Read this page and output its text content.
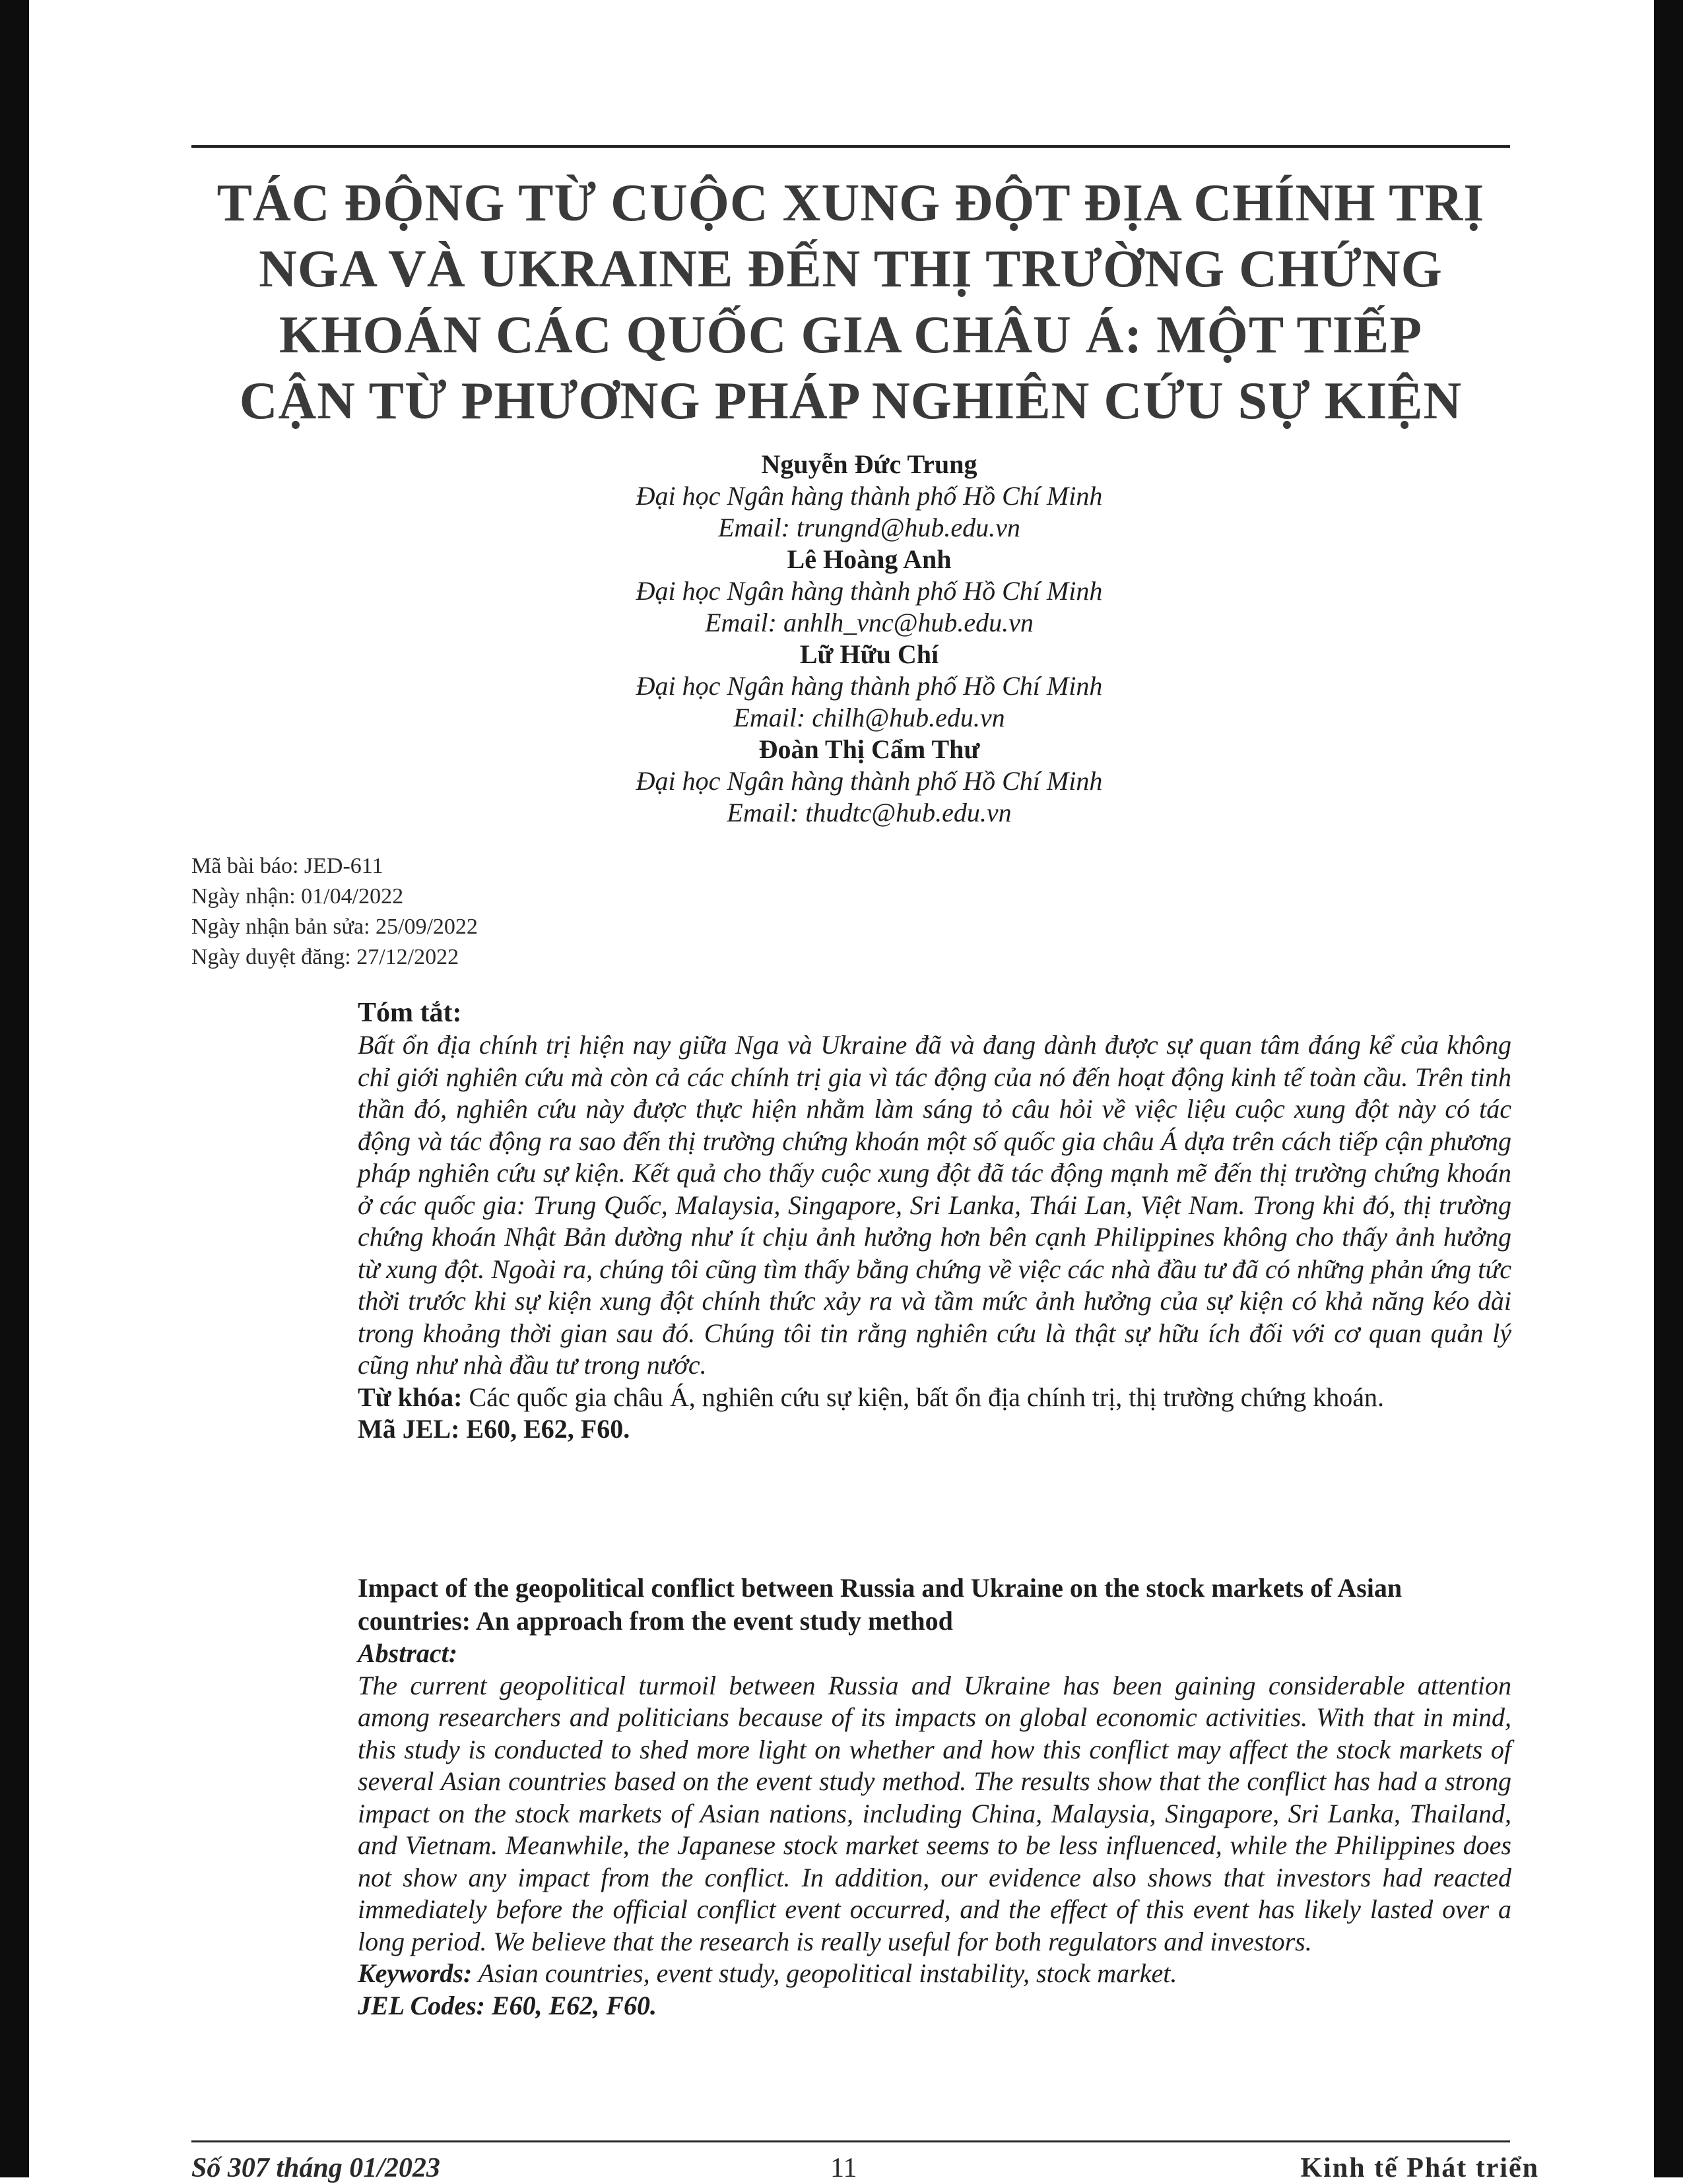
TÁC ĐỘNG TỪ CUỘC XUNG ĐỘT ĐỊA CHÍNH TRỊ
NGA VÀ UKRAINE ĐẾN THỊ TRƯỜNG CHỨNG
KHOÁN CÁC QUỐC GIA CHÂU Á: MỘT TIẾP
CẬN TỪ PHƯƠNG PHÁP NGHIÊN CỨU SỰ KIỆN
Nguyễn Đức Trung
Đại học Ngân hàng thành phố Hồ Chí Minh
Email: trungnd@hub.edu.vn
Lê Hoàng Anh
Đại học Ngân hàng thành phố Hồ Chí Minh
Email: anhlh_vnc@hub.edu.vn
Lữ Hữu Chí
Đại học Ngân hàng thành phố Hồ Chí Minh
Email: chilh@hub.edu.vn
Đoàn Thị Cẩm Thư
Đại học Ngân hàng thành phố Hồ Chí Minh
Email: thudtc@hub.edu.vn
Mã bài báo: JED-611
Ngày nhận: 01/04/2022
Ngày nhận bản sửa: 25/09/2022
Ngày duyệt đăng: 27/12/2022
Tóm tắt:
Bất ổn địa chính trị hiện nay giữa Nga và Ukraine đã và đang dành được sự quan tâm đáng kể của không chỉ giới nghiên cứu mà còn cả các chính trị gia vì tác động của nó đến hoạt động kinh tế toàn cầu. Trên tinh thần đó, nghiên cứu này được thực hiện nhằm làm sáng tỏ câu hỏi về việc liệu cuộc xung đột này có tác động và tác động ra sao đến thị trường chứng khoán một số quốc gia châu Á dựa trên cách tiếp cận phương pháp nghiên cứu sự kiện. Kết quả cho thấy cuộc xung đột đã tác động mạnh mẽ đến thị trường chứng khoán ở các quốc gia: Trung Quốc, Malaysia, Singapore, Sri Lanka, Thái Lan, Việt Nam. Trong khi đó, thị trường chứng khoán Nhật Bản dường như ít chịu ảnh hưởng hơn bên cạnh Philippines không cho thấy ảnh hưởng từ xung đột. Ngoài ra, chúng tôi cũng tìm thấy bằng chứng về việc các nhà đầu tư đã có những phản ứng tức thời trước khi sự kiện xung đột chính thức xảy ra và tầm mức ảnh hưởng của sự kiện có khả năng kéo dài trong khoảng thời gian sau đó. Chúng tôi tin rằng nghiên cứu là thật sự hữu ích đối với cơ quan quản lý cũng như nhà đầu tư trong nước.
Từ khóa: Các quốc gia châu Á, nghiên cứu sự kiện, bất ổn địa chính trị, thị trường chứng khoán.
Mã JEL: E60, E62, F60.
Impact of the geopolitical conflict between Russia and Ukraine on the stock markets of Asian countries: An approach from the event study method
Abstract:
The current geopolitical turmoil between Russia and Ukraine has been gaining considerable attention among researchers and politicians because of its impacts on global economic activities. With that in mind, this study is conducted to shed more light on whether and how this conflict may affect the stock markets of several Asian countries based on the event study method. The results show that the conflict has had a strong impact on the stock markets of Asian nations, including China, Malaysia, Singapore, Sri Lanka, Thailand, and Vietnam. Meanwhile, the Japanese stock market seems to be less influenced, while the Philippines does not show any impact from the conflict. In addition, our evidence also shows that investors had reacted immediately before the official conflict event occurred, and the effect of this event has likely lasted over a long period. We believe that the research is really useful for both regulators and investors.
Keywords: Asian countries, event study, geopolitical instability, stock market.
JEL Codes: E60, E62, F60.
Số 307 tháng 01/2023	11	Kinh tế Phát triển
